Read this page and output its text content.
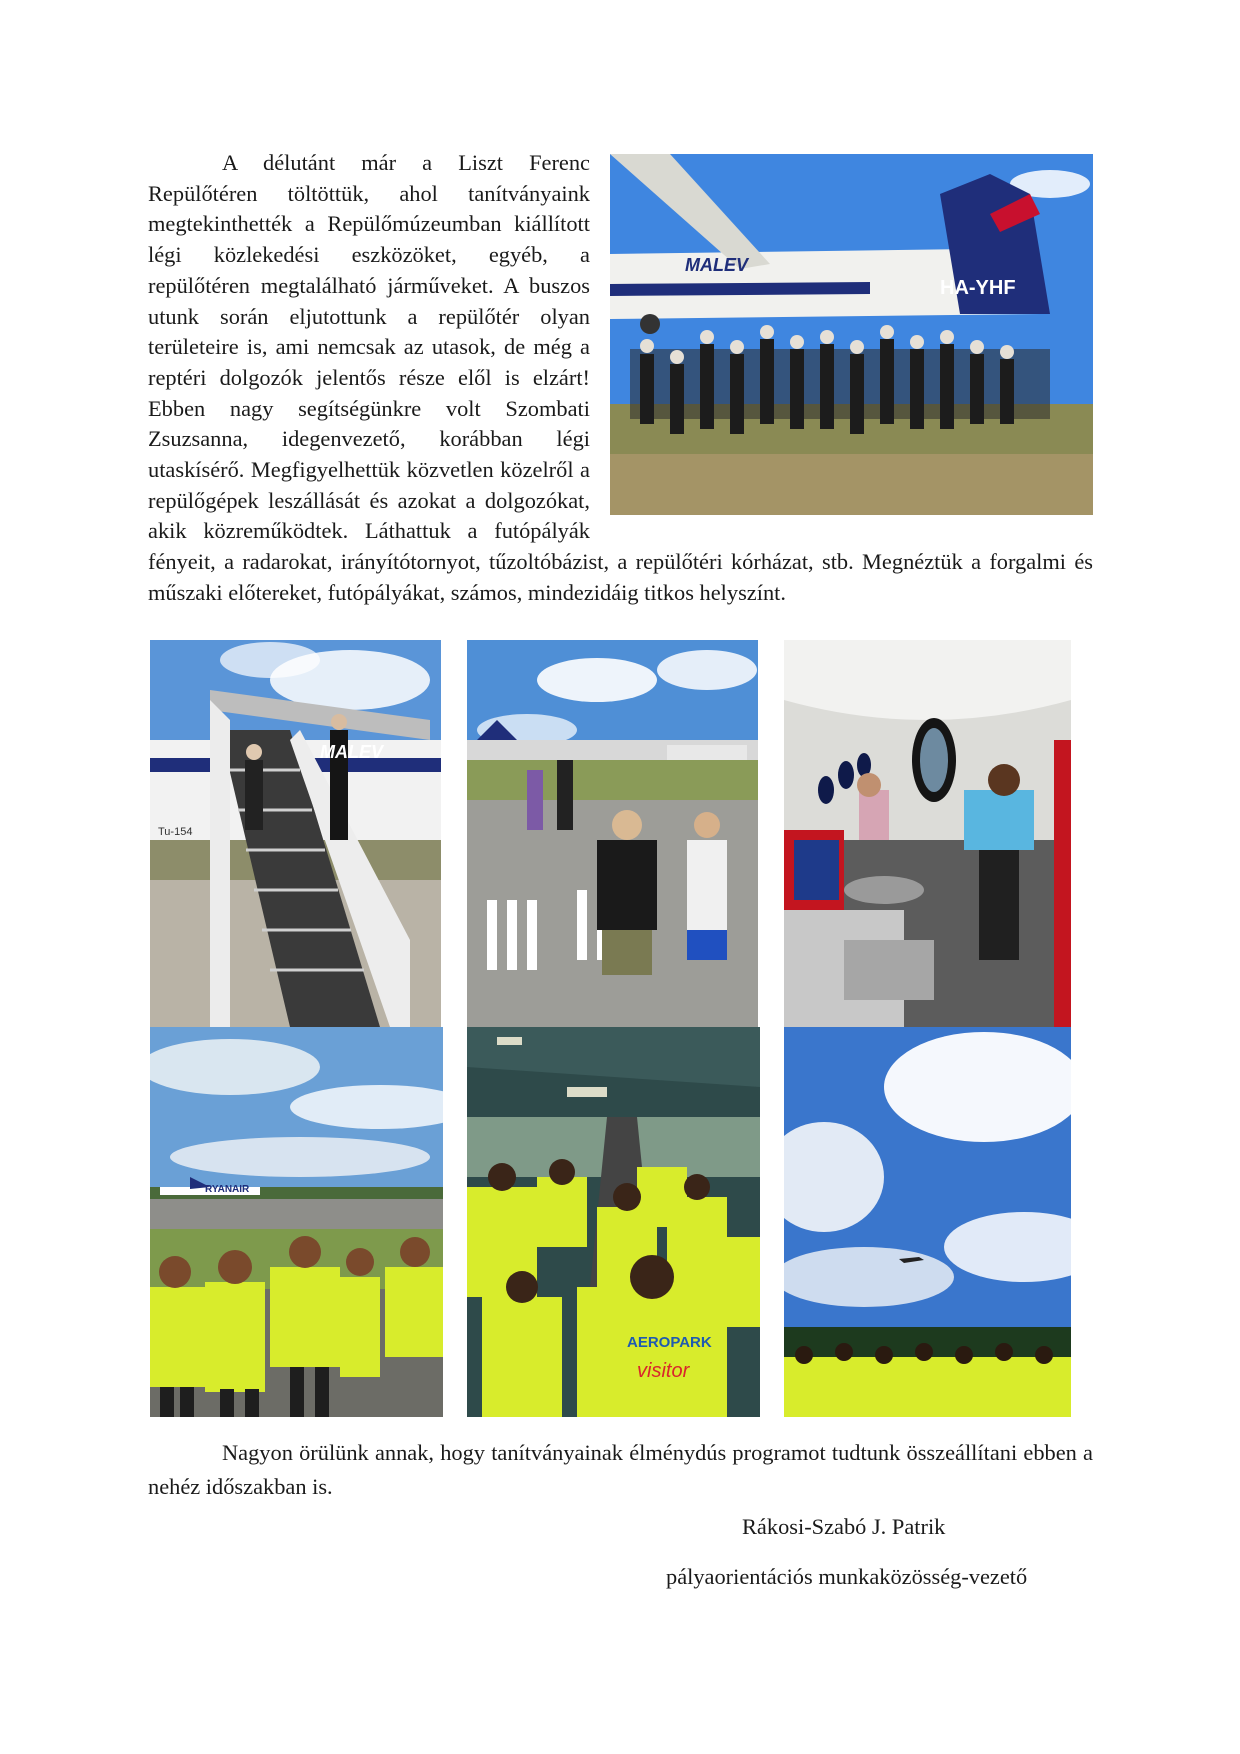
MALEV
HA-YHF

A délutánt már a Liszt Ferenc Repülőtéren töltöttük, ahol tanítványaink megtekinthették a Repülőmúzeumban kiállított légi közlekedési eszközöket, egyéb, a repülőtéren megtalálható járműveket. A buszos utunk során eljutottunk a repülőtér olyan területeire is, ami nemcsak az utasok, de még a reptéri dolgozók jelentős része elől is elzárt! Ebben nagy segítségünkre volt Szombati Zsuzsanna, idegenvezető, korábban légi utaskísérő. Megfigyelhettük közvetlen közelről a repülőgépek leszállását és azokat a dolgozókat, akik közreműködtek. Láthattuk a futópályák fényeit, a radarokat, irányítótornyot, tűzoltóbázist, a repülőtéri kórházat, stb. Megnéztük a forgalmi és műszaki előtereket, futópályákat, számos, mindezidáig titkos helyszínt.

MALEV
Tu-154
RYANAIR
AEROPARK
visitor

Nagyon örülünk annak, hogy tanítványainak élménydús programot tudtunk összeállítani ebben a nehéz időszakban is.

Rákosi-Szabó J. Patrik
pályaorientációs munkaközösség-vezető
